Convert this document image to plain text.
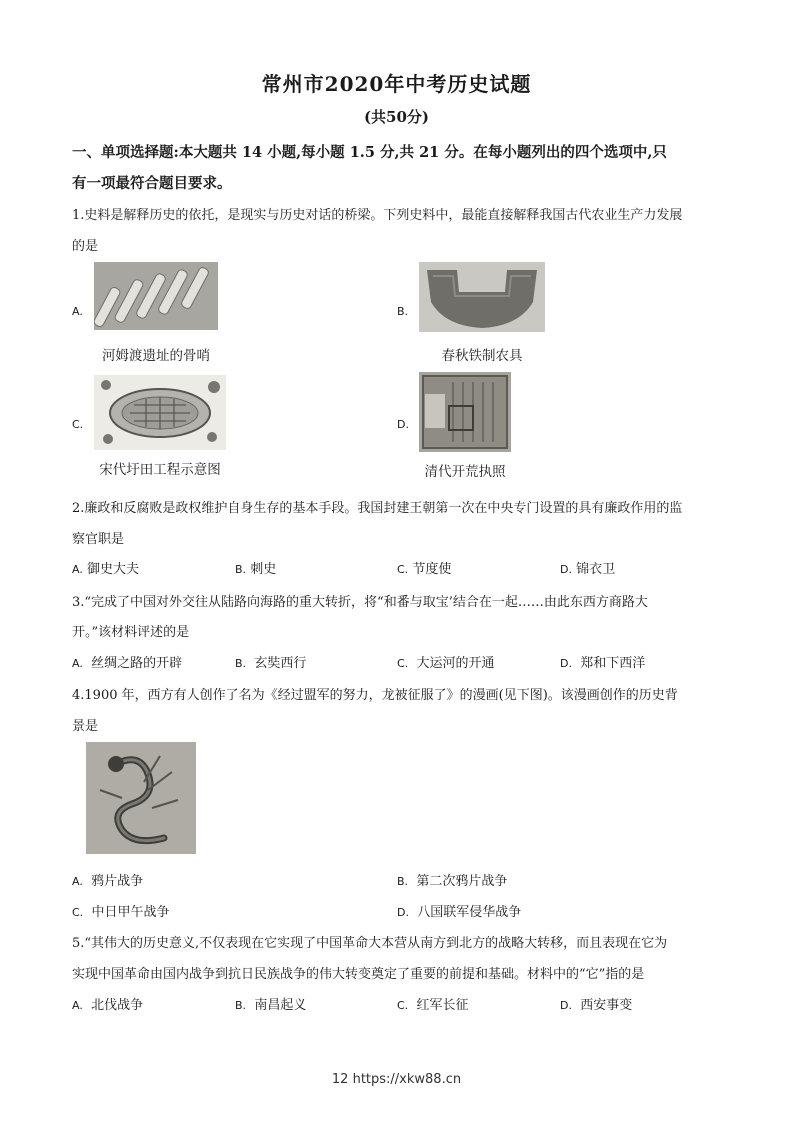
常州市2020年中考历史试题
(共50分)
一、单项选择题:本大题共 14 小题,每小题 1.5 分,共 21 分。在每小题列出的四个选项中,只
有一项最符合题目要求。
1.史料是解释历史的依托，是现实与历史对话的桥梁。下列史料中，最能直接解释我国古代农业生产力发展
的是
A.
河姆渡遗址的骨哨
B.
春秋铁制农具
C.
宋代圩田工程示意图
D.
清代开荒执照
2.廉政和反腐败是政权维护自身生存的基本手段。我国封建王朝第一次在中央专门设置的具有廉政作用的监
察官职是
A. 御史大夫	B. 刺史	C. 节度使	D. 锦衣卫
3.“完成了中国对外交往从陆路向海路的重大转折，将“和番与取宝’结合在一起……由此东西方商路大
开。”该材料评述的是
A. 丝绸之路的开辟	B. 玄奘西行	C. 大运河的开通	D. 郑和下西洋
4.1900 年，西方有人创作了名为《经过盟军的努力，龙被征服了》的漫画(见下图)。该漫画创作的历史背
景是
A. 鸦片战争	B. 第二次鸦片战争
C. 中日甲午战争	D. 八国联军侵华战争
5.“其伟大的历史意义,不仅表现在它实现了中国革命大本营从南方到北方的战略大转移，而且表现在它为
实现中国革命由国内战争到抗日民族战争的伟大转变奠定了重要的前提和基础。材料中的“它”指的是
A. 北伐战争	B. 南昌起义	C. 红军长征	D. 西安事变
12 https://xkw88.cn
